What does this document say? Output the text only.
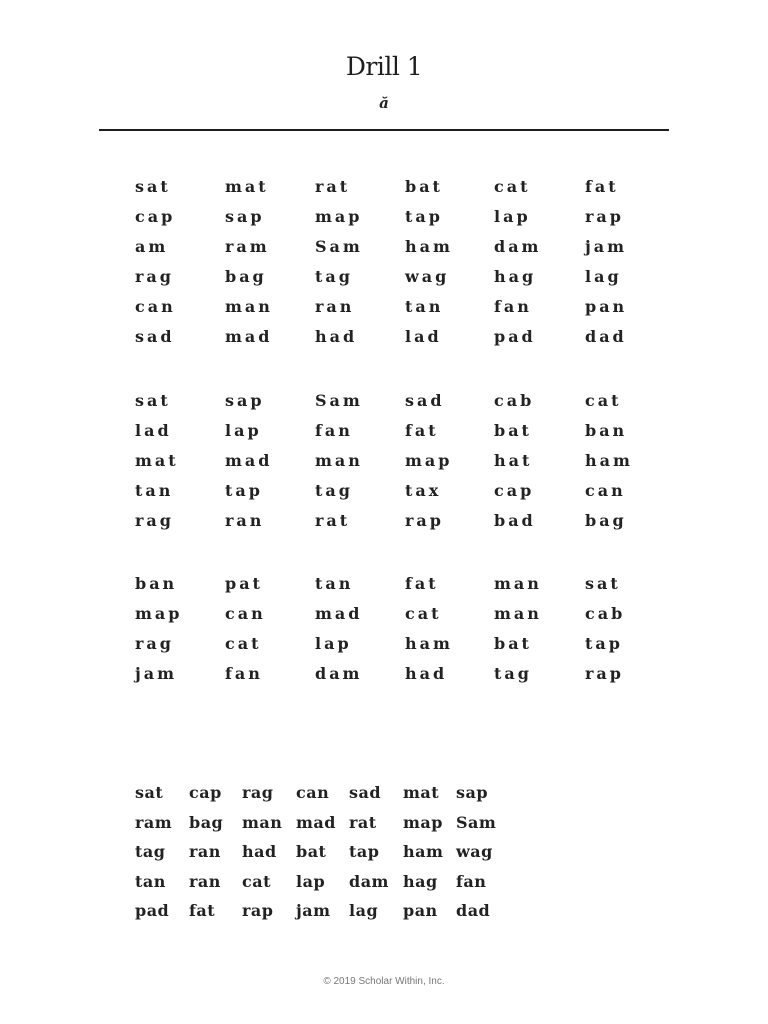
Drill 1
ă
sat	mat	rat	bat	cat	fat
cap	sap	map	tap	lap	rap
am	ram	Sam	ham	dam	jam
rag	bag	tag	wag	hag	lag
can	man	ran	tan	fan	pan
sad	mad	had	lad	pad	dad
sat	sap	Sam	sad	cab	cat
lad	lap	fan	fat	bat	ban
mat	mad	man	map	hat	ham
tan	tap	tag	tax	cap	can
rag	ran	rat	rap	bad	bag
ban	pat	tan	fat	man	sat
map	can	mad	cat	man	cab
rag	cat	lap	ham	bat	tap
jam	fan	dam	had	tag	rap
sat cap rag can sad mat sap
ram bag man mad rat map Sam
tag ran had bat tap ham wag
tan ran cat lap dam hag fan
pad fat rap jam lag pan dad
© 2019 Scholar Within, Inc.
